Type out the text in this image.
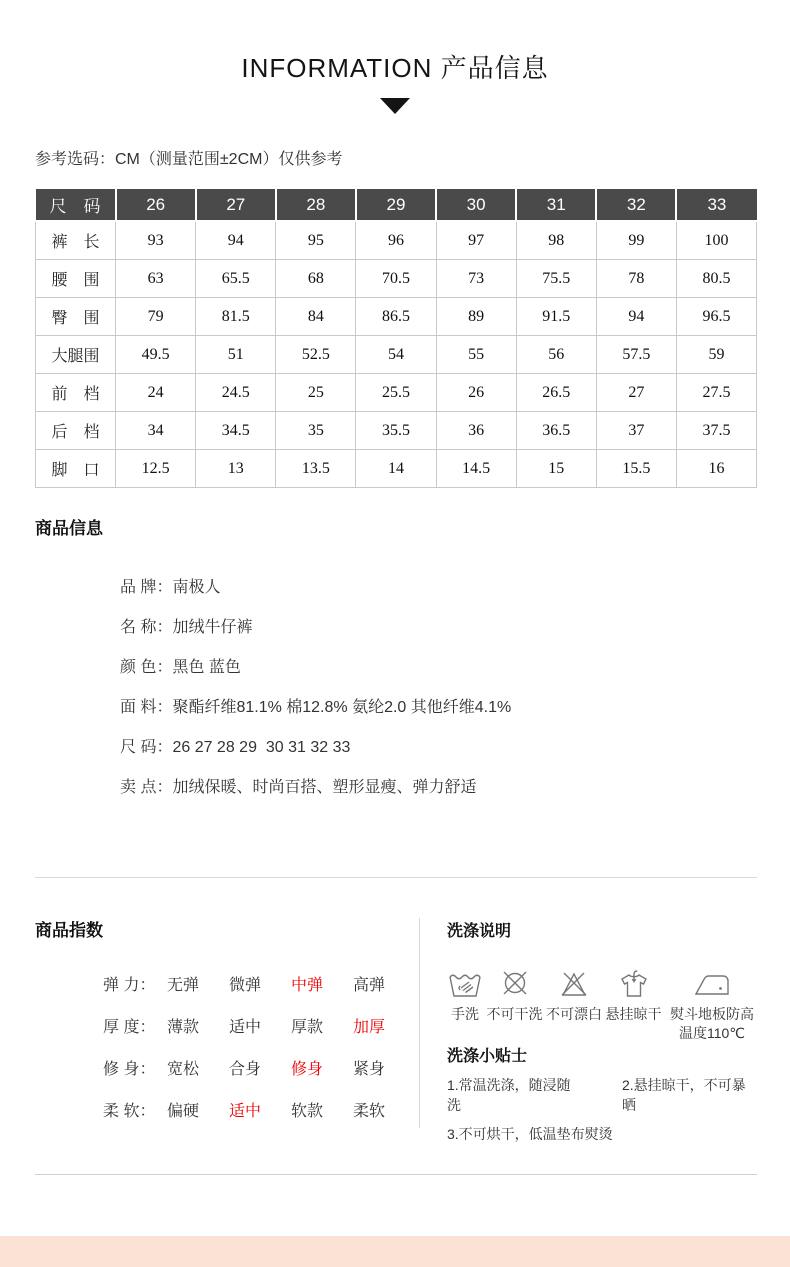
INFORMATION 产品信息
参考选码：CM（测量范围±2CM）仅供参考
尺　码	26	27	28	29	30	31	32	33
裤　长	93	94	95	96	97	98	99	100
腰　围	63	65.5	68	70.5	73	75.5	78	80.5
臀　围	79	81.5	84	86.5	89	91.5	94	96.5
大腿围	49.5	51	52.5	54	55	56	57.5	59
前　档	24	24.5	25	25.5	26	26.5	27	27.5
后　档	34	34.5	35	35.5	36	36.5	37	37.5
脚　口	12.5	13	13.5	14	14.5	15	15.5	16
商品信息
品 牌：南极人
名 称：加绒牛仔裤
颜 色：黑色 蓝色
面 料：聚酯纤维81.1% 棉12.8% 氨纶2.0 其他纤维4.1%
尺 码：26 27 28 29  30 31 32 33
卖 点：加绒保暖、时尚百搭、塑形显瘦、弹力舒适
商品指数
弹 力： 无弹	微弹	中弹	高弹
厚 度： 薄款	适中	厚款	加厚
修 身： 宽松	合身	修身	紧身
柔 软： 偏硬	适中	软款	柔软
洗涤说明
手洗 不可干洗 不可漂白 悬挂晾干 熨斗地板防高温度110℃
洗涤小贴士
1.常温洗涤，随浸随洗
2.悬挂晾干，不可暴晒
3.不可烘干，低温垫布熨烫
